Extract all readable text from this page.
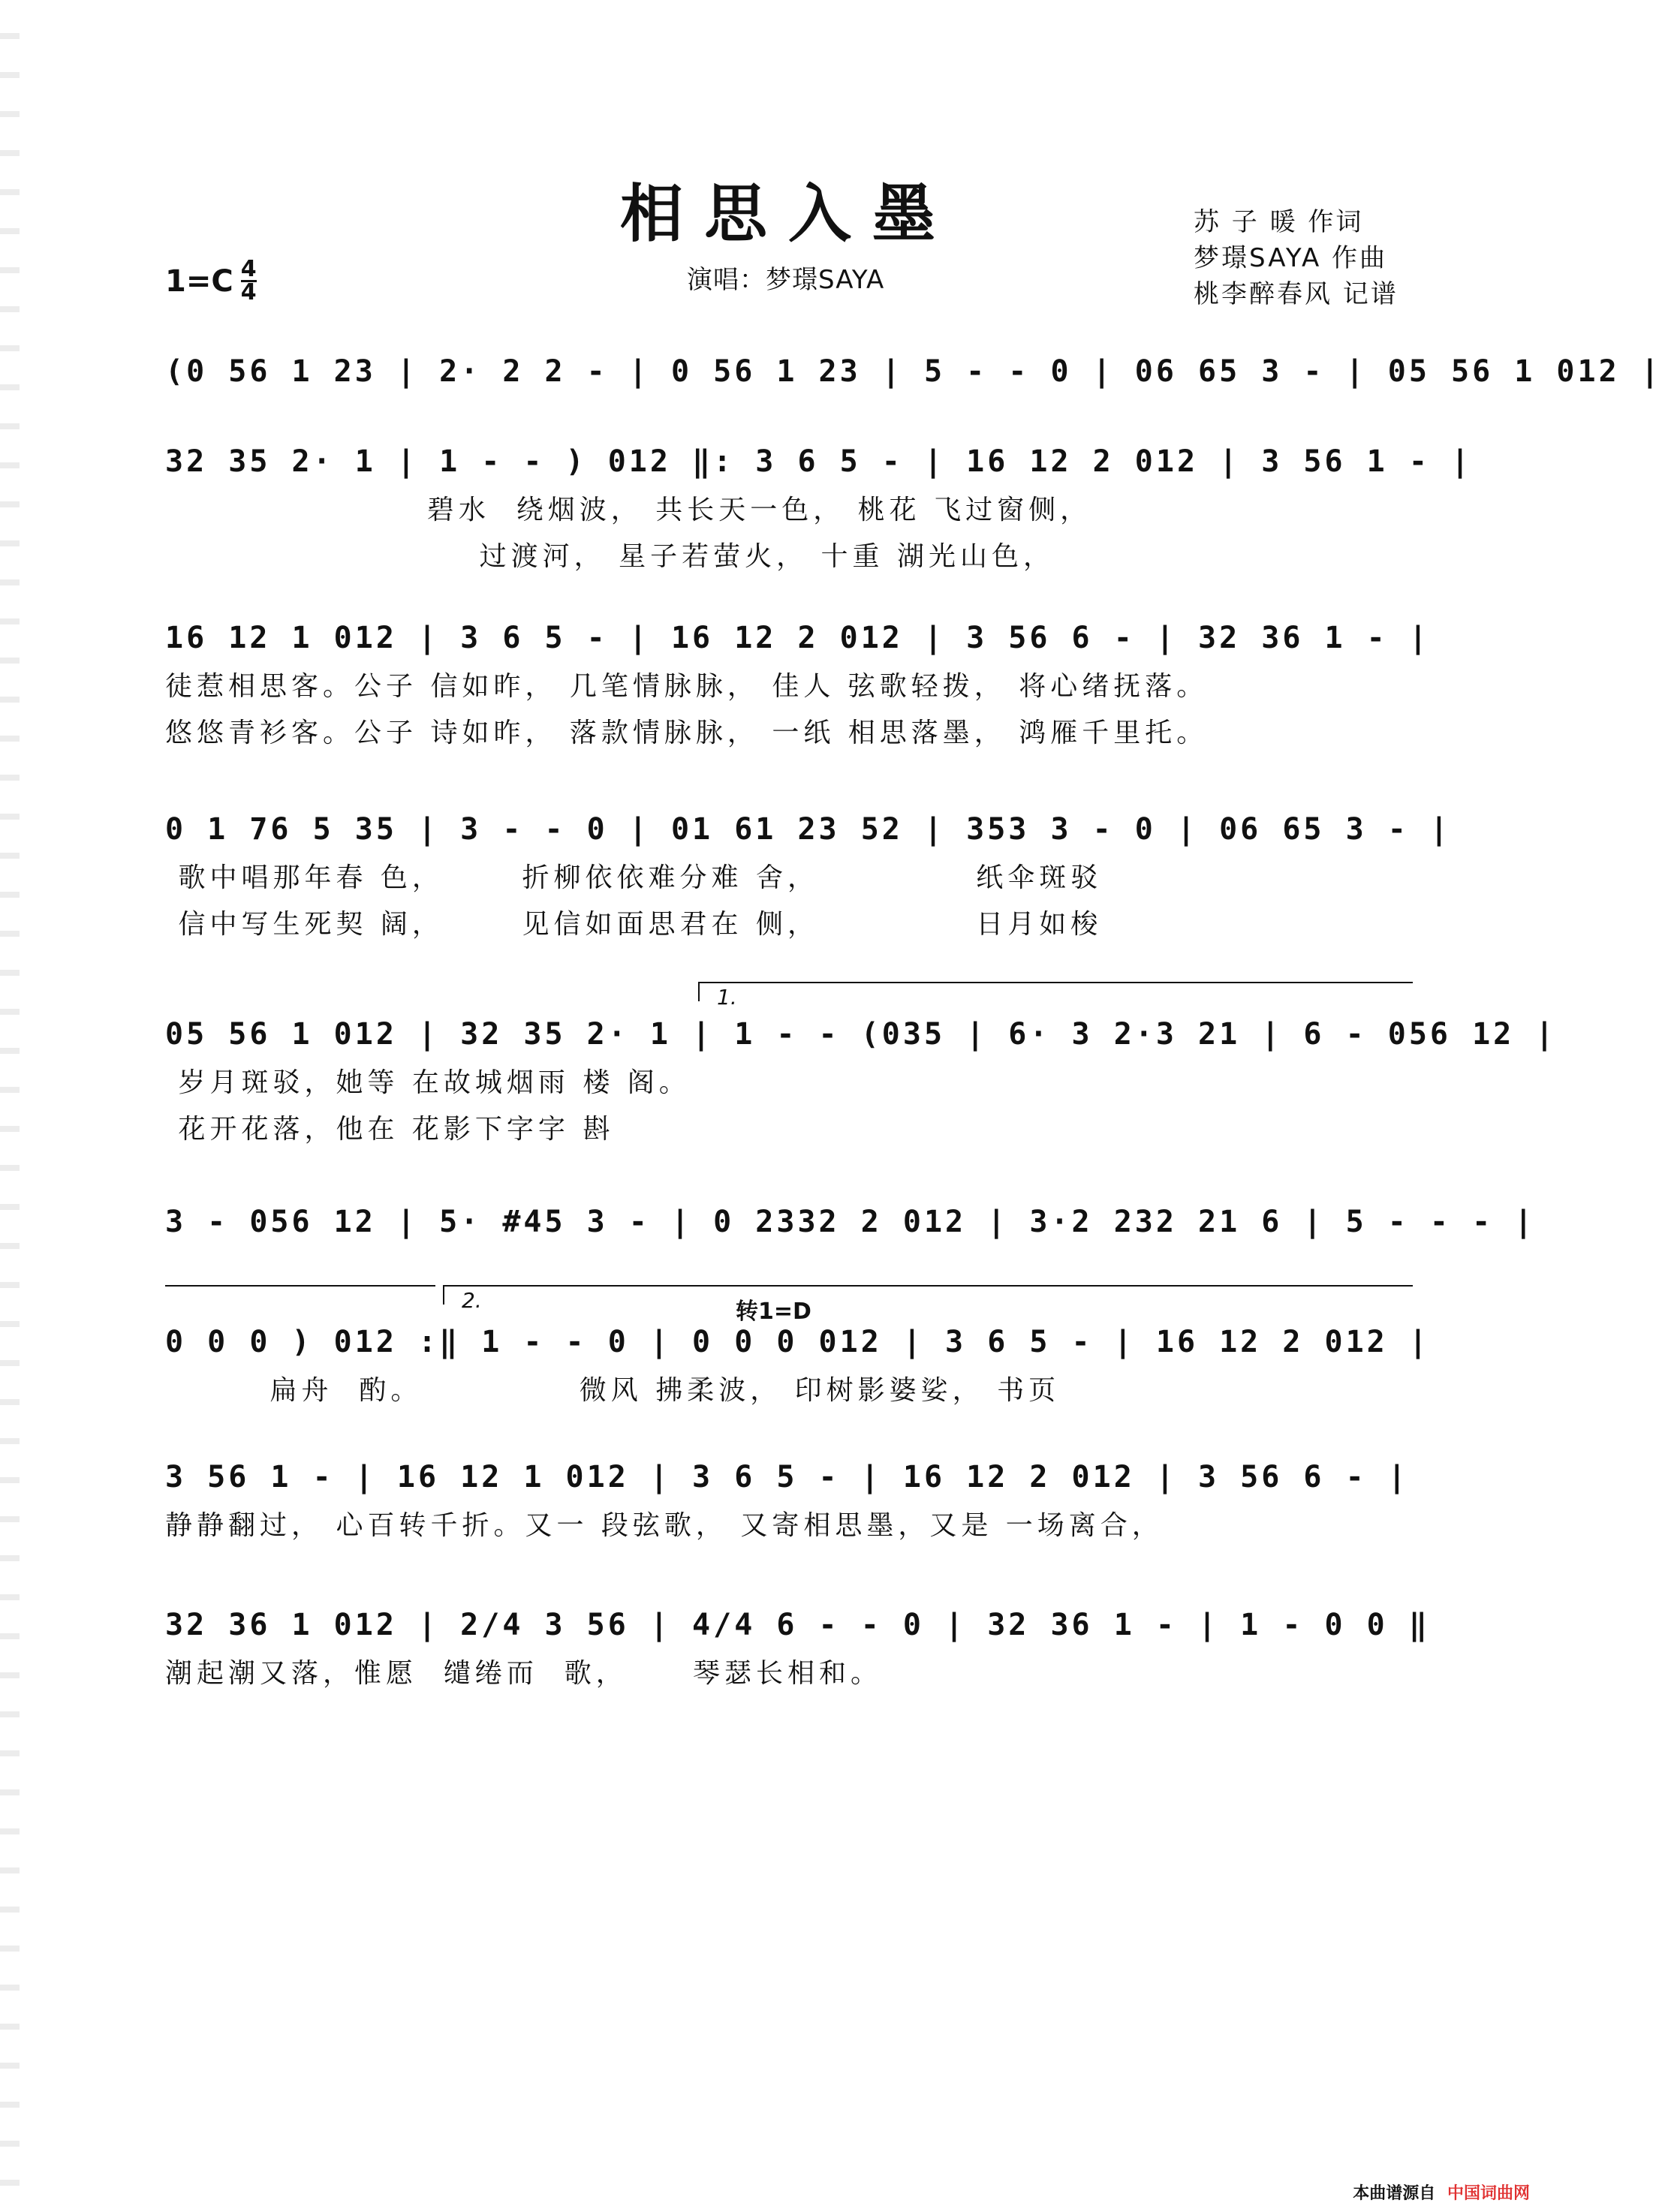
相思入墨	苏 子 暖 作词
梦璟SAYA 作曲
桃李醉春风 记谱
1=C 4
4	演唱：梦璟SAYA
(0 56 1 23 | 2· 2 2 - | 0 56 1 23 | 5 - - 0 | 06 65 3 - | 05 56 1 012 |
32 35 2· 1 | 1 - - ) 012 ‖: 3 6 5 - | 16 12 2 012 | 3 56 1 - |
碧水  绕烟波， 共长天一色， 桃花 飞过窗侧，
过渡河， 星子若萤火， 十重 湖光山色，
16 12 1 012 | 3 6 5 - | 16 12 2 012 | 3 56 6 - | 32 36 1 - |
徒惹相思客。公子 信如昨， 几笔情脉脉， 佳人 弦歌轻拨， 将心绪抚落。
悠悠青衫客。公子 诗如昨， 落款情脉脉， 一纸 相思落墨， 鸿雁千里托。
0 1 76 5 35 | 3 - - 0 | 01 61 23 52 | 353 3 - 0 | 06 65 3 - |
歌中唱那年春 色，      折柳依依难分难 舍，            纸伞斑驳
信中写生死契 阔，      见信如面思君在 侧，            日月如梭
1.
05 56 1 012 | 32 35 2· 1 | 1 - - (035 | 6· 3 2·3 21 | 6 - 056 12 |
岁月斑驳，她等 在故城烟雨 楼 阁。
花开花落，他在 花影下字字 斟
3 - 056 12 | 5· #45 3 - | 0 2332 2 012 | 3·2 232 21 6 | 5 - - - |
2.	转1=D
0 0 0 ) 012 :‖ 1 - - 0 | 0 0 0 012 | 3 6 5 - | 16 12 2 012 |
扁舟  酌。            微风 拂柔波， 印树影婆娑， 书页
3 56 1 - | 16 12 1 012 | 3 6 5 - | 16 12 2 012 | 3 56 6 - |
静静翻过， 心百转千折。又一 段弦歌， 又寄相思墨，又是 一场离合，
32 36 1 012 | 2/4 3 56 | 4/4 6 - - 0 | 32 36 1 - | 1 - 0 0 ‖
潮起潮又落，惟愿  缱绻而  歌，     琴瑟长相和。
本曲谱源自 中国词曲网
